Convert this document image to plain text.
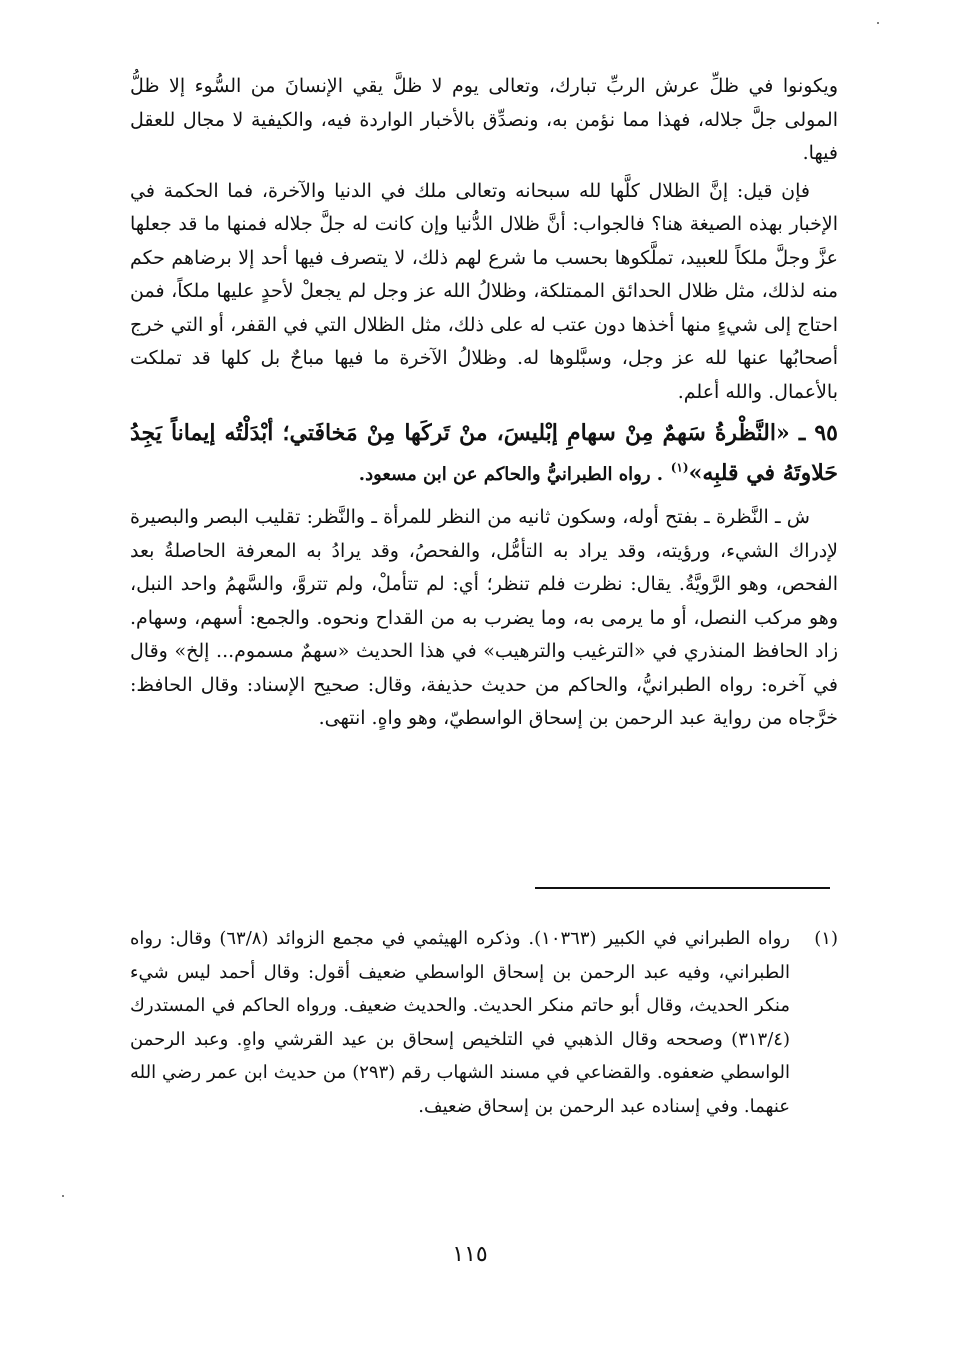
ويكونوا في ظلِّ عرش الربِّ تبارك، وتعالى يوم لا ظلَّ يقي الإنسانَ من السُّوء إلا ظلُّ المولى جلَّ جلاله، فهذا مما نؤمن به، ونصدِّق بالأخبار الواردة فيه، والكيفية لا مجال للعقل فيها.

فإن قيل: إنَّ الظلال كلَّها لله سبحانه وتعالى ملك في الدنيا والآخرة، فما الحكمة في الإخبار بهذه الصيغة هنا؟ فالجواب: أنَّ ظلال الدُّنيا وإن كانت له جلَّ جلاله فمنها ما قد جعلها عزَّ وجلَّ ملكاً للعبيد، تملَّكوها بحسب ما شرع لهم ذلك، لا يتصرف فيها أحد إلا برضاهم حكم منه لذلك، مثل ظلال الحدائق الممتلكة، وظلالُ الله عز وجل لم يجعلْ لأحدٍ عليها ملكاً، فمن احتاج إلى شيءٍ منها أخذها دون عتب له على ذلك، مثل الظلال التي في القفر، أو التي خرج أصحابُها عنها لله عز وجل، وسبَّلوها له. وظلالُ الآخرة ما فيها مباحٌ بل كلها قد تملكت بالأعمال. والله أعلم.

٩٥ ـ «النَّظْرةُ سَهمٌ مِنْ سهامِ إبْليسَ، منْ تَركَها مِنْ مَخافَتي؛ أبْدَلْتُه إيماناً يَجِدُ حَلاوتَهُ في قلبِه»$^{(١)}$ . رواه الطبرانيُّ والحاكم عن ابن مسعود.

ش ـ النَّظرة ـ بفتح أوله، وسكون ثانيه من النظر للمرأة ـ والنَّظر: تقليب البصر والبصيرة لإدراك الشيء، ورؤيته، وقد يراد به التأمُّل، والفحصُ، وقد يرادُ به المعرفة الحاصلةُ بعد الفحص، وهو الرَّويَّةُ. يقال: نظرت فلم تنظر؛ أي: لم تتأملْ، ولم تتروَّ، والسَّهمُ واحد النبل، وهو مركب النصل، أو ما يرمى به، وما يضرب به من القداح ونحوه. والجمع: أسهم، وسهام. زاد الحافظ المنذري في «الترغيب والترهيب» في هذا الحديث «سهمٌ مسموم... إلخ» وقال في آخره: رواه الطبرانيُّ، والحاكم من حديث حذيفة، وقال: صحيح الإسناد: وقال الحافظ: خرَّجاه من رواية عبد الرحمن بن إسحاق الواسطيّ، وهو واهٍ. انتهى.

(١)
رواه الطبراني في الكبير (١٠٣٦٣). وذكره الهيثمي في مجمع الزوائد (٦٣/٨) وقال: رواه الطبراني، وفيه عبد الرحمن بن إسحاق الواسطي ضعيف أقول: وقال أحمد ليس شيء منكر الحديث، وقال أبو حاتم منكر الحديث. والحديث ضعيف. ورواه الحاكم في المستدرك (٣١٣/٤) وصححه وقال الذهبي في التلخيص إسحاق بن عيد القرشي واهٍ. وعبد الرحمن الواسطي ضعفوه. والقضاعي في مسند الشهاب رقم (٢٩٣) من حديث ابن عمر رضي الله عنهما. وفي إسناده عبد الرحمن بن إسحاق ضعيف.
١١٥
